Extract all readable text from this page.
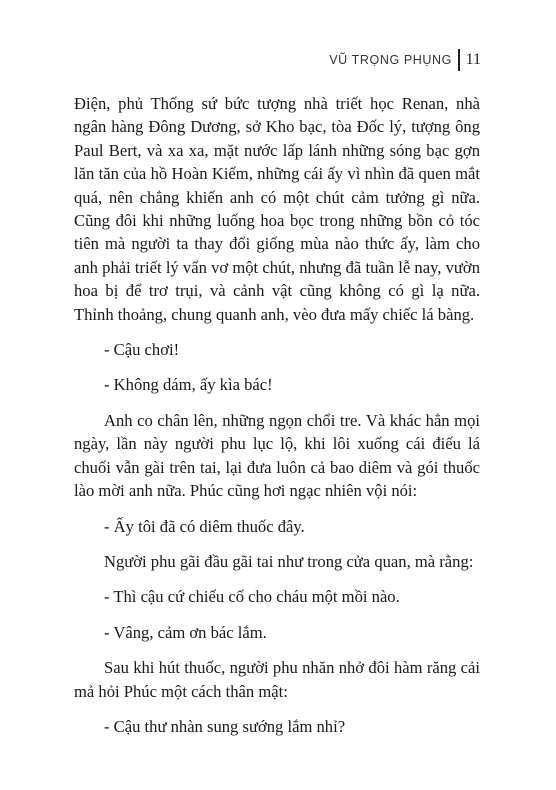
VŨ TRỌNG PHỤNG 11

Điện, phủ Thống sứ bức tượng nhà triết học Renan, nhà ngân hàng Đông Dương, sở Kho bạc, tòa Đốc lý, tượng ông Paul Bert, và xa xa, mặt nước lấp lánh những sóng bạc gợn lăn tăn của hồ Hoàn Kiếm, những cái ấy vì nhìn đã quen mắt quá, nên chẳng khiến anh có một chút cảm tưởng gì nữa. Cũng đôi khi những luống hoa bọc trong những bồn cỏ tóc tiên mà người ta thay đổi giống mùa nào thức ấy, làm cho anh phải triết lý vẩn vơ một chút, nhưng đã tuần lễ nay, vườn hoa bị để trơ trụi, và cảnh vật cũng không có gì lạ nữa. Thỉnh thoảng, chung quanh anh, vèo đưa mấy chiếc lá bàng.

- Cậu chơi!

- Không dám, ấy kìa bác!

Anh co chân lên, những ngọn chổi tre. Và khác hẳn mọi ngày, lần này người phu lục lộ, khi lôi xuống cái điếu lá chuối vẫn gài trên tai, lại đưa luôn cả bao diêm và gói thuốc lào mời anh nữa. Phúc cũng hơi ngạc nhiên vội nói:

- Ấy tôi đã có diêm thuốc đây.

Người phu gãi đầu gãi tai như trong cửa quan, mà rằng:

- Thì cậu cứ chiếu cố cho cháu một mồi nào.

- Vâng, cảm ơn bác lắm.

Sau khi hút thuốc, người phu nhăn nhở đôi hàm răng cải mả hỏi Phúc một cách thân mật:

- Cậu thư nhàn sung sướng lắm nhỉ?
